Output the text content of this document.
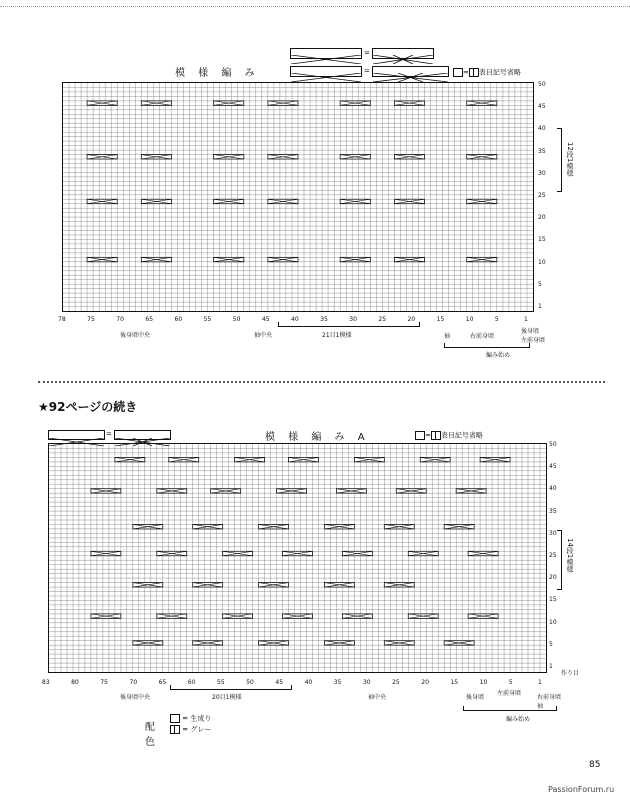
=
=
模 様 編 み	= 表目記号省略
50
45
40
35
30
25
20
15
10
5
1
78	75	70	65	60	55	50	45	40	35	30	25	20	15	10	5	1
12段1模様
21目1模様
後身頃中央	袖中央	袖	右前身頃
後身頃
左前身頃
編み始め
★92ページの続き
=	模 様 編 み A	= 表目記号省略
50
45
40
35
30
25
20
15
10
5
1
83	80	75	70	65	60	55	50	45	40	35	30	25	20	15	10	5	1
14段1模様
作り目
20目1模様
後身頃中央	袖中央
左前身頃
右前身頃
後身頃
袖
編み始め
配色
= 生成り
= グレー
85
PassionForum.ru
